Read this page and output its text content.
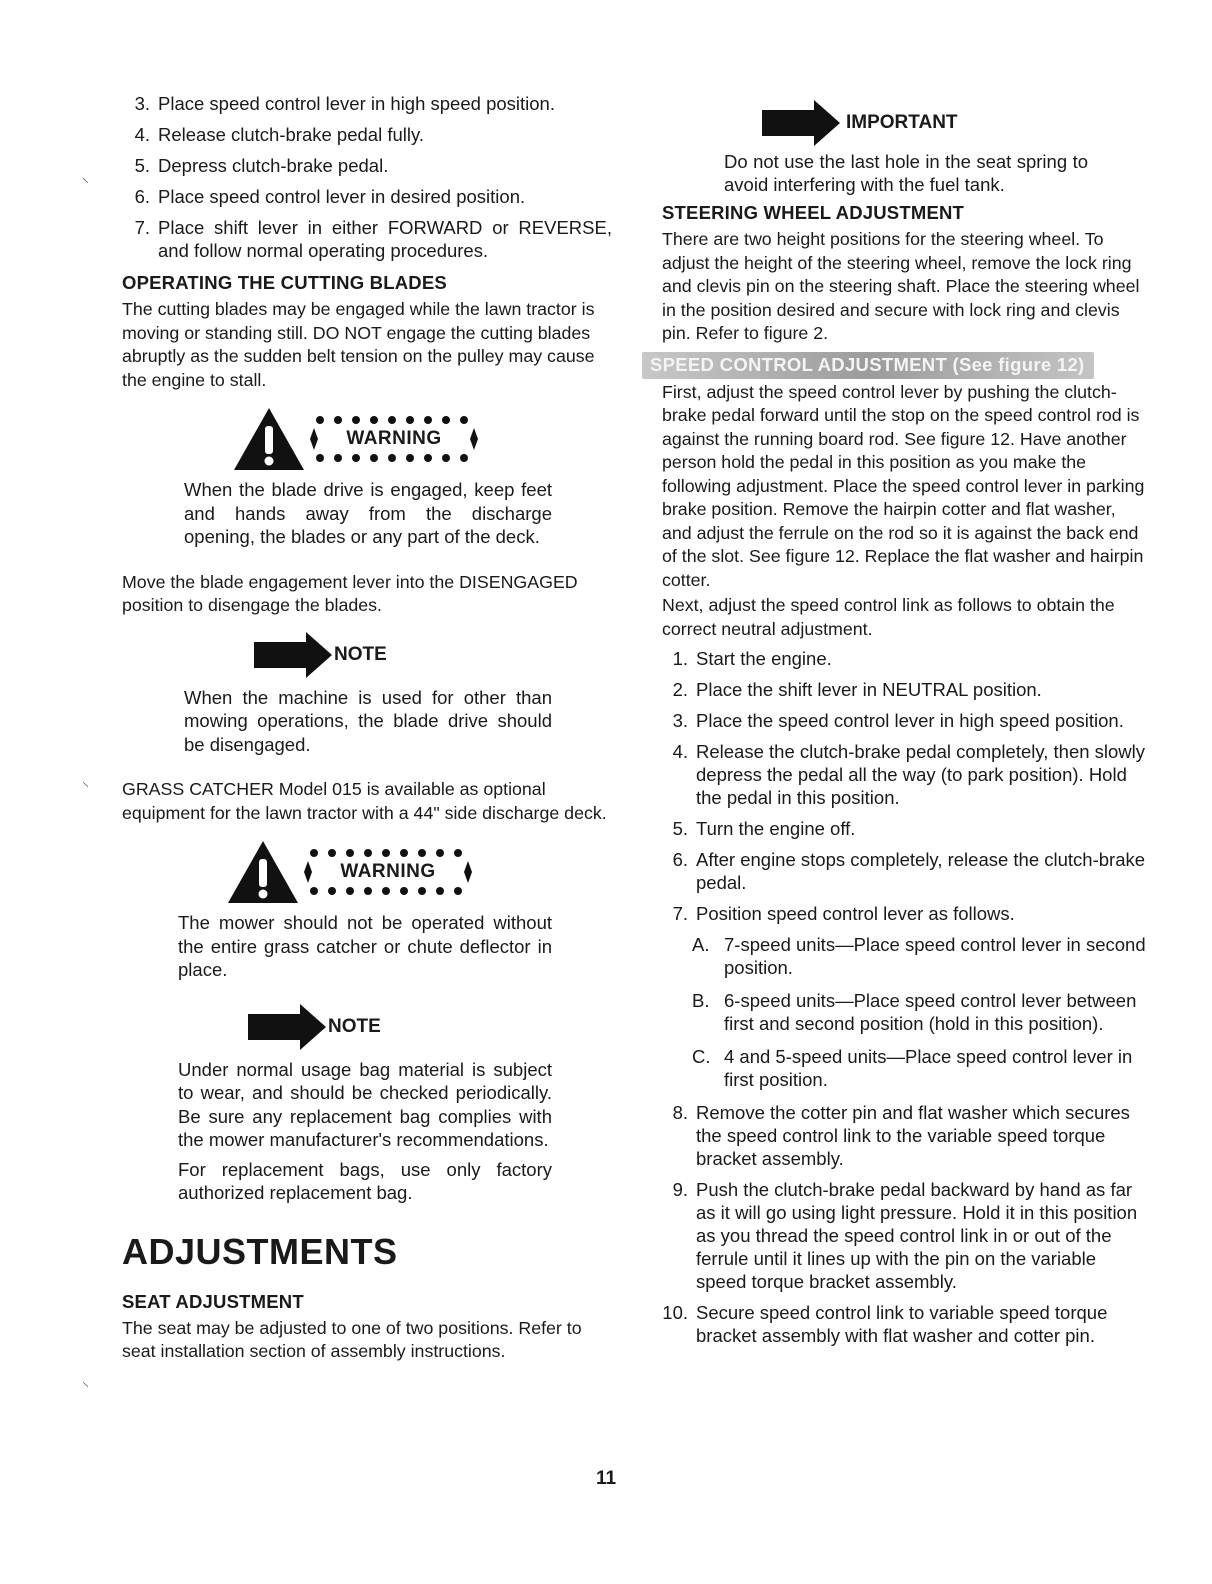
⸜
⸜
⸜
3. Place speed control lever in high speed position.
4. Release clutch-brake pedal fully.
5. Depress clutch-brake pedal.
6. Place speed control lever in desired position.
7. Place shift lever in either FORWARD or REVERSE, and follow normal operating procedures.
OPERATING THE CUTTING BLADES

The cutting blades may be engaged while the lawn tractor is moving or standing still. DO NOT engage the cutting blades abruptly as the sudden belt tension on the pulley may cause the engine to stall.

WARNING

When the blade drive is engaged, keep feet and hands away from the discharge opening, the blades or any part of the deck.

Move the blade engagement lever into the DISENGAGED position to disengage the blades.

NOTE

When the machine is used for other than mowing operations, the blade drive should be disengaged.

GRASS CATCHER Model 015 is available as optional equipment for the lawn tractor with a 44" side discharge deck.

WARNING

The mower should not be operated without the entire grass catcher or chute deflector in place.

NOTE

Under normal usage bag material is subject to wear, and should be checked periodically. Be sure any replacement bag complies with the mower manufacturer's recommendations.

For replacement bags, use only factory authorized replacement bag.

ADJUSTMENTS
SEAT ADJUSTMENT

The seat may be adjusted to one of two positions. Refer to seat installation section of assembly instructions.

IMPORTANT

Do not use the last hole in the seat spring to avoid interfering with the fuel tank.

STEERING WHEEL ADJUSTMENT

There are two height positions for the steering wheel. To adjust the height of the steering wheel, remove the lock ring and clevis pin on the steering shaft. Place the steering wheel in the position desired and secure with lock ring and clevis pin. Refer to figure 2.

SPEED CONTROL ADJUSTMENT (See figure 12)

First, adjust the speed control lever by pushing the clutch-brake pedal forward until the stop on the speed control rod is against the running board rod. See figure 12. Have another person hold the pedal in this position as you make the following adjustment. Place the speed control lever in parking brake position. Remove the hairpin cotter and flat washer, and adjust the ferrule on the rod so it is against the back end of the slot. See figure 12. Replace the flat washer and hairpin cotter.

Next, adjust the speed control link as follows to obtain the correct neutral adjustment.

1. Start the engine.
2. Place the shift lever in NEUTRAL position.
3. Place the speed control lever in high speed position.
4. Release the clutch-brake pedal completely, then slowly depress the pedal all the way (to park position). Hold the pedal in this position.
5. Turn the engine off.
6. After engine stops completely, release the clutch-brake pedal.
7. Position speed control lever as follows.
A. 7-speed units—Place speed control lever in second position.
B. 6-speed units—Place speed control lever between first and second position (hold in this position).
C. 4 and 5-speed units—Place speed control lever in first position.
8. Remove the cotter pin and flat washer which secures the speed control link to the variable speed torque bracket assembly.
9. Push the clutch-brake pedal backward by hand as far as it will go using light pressure. Hold it in this position as you thread the speed control link in or out of the ferrule until it lines up with the pin on the variable speed torque bracket assembly.
10. Secure speed control link to variable speed torque bracket assembly with flat washer and cotter pin.
11
